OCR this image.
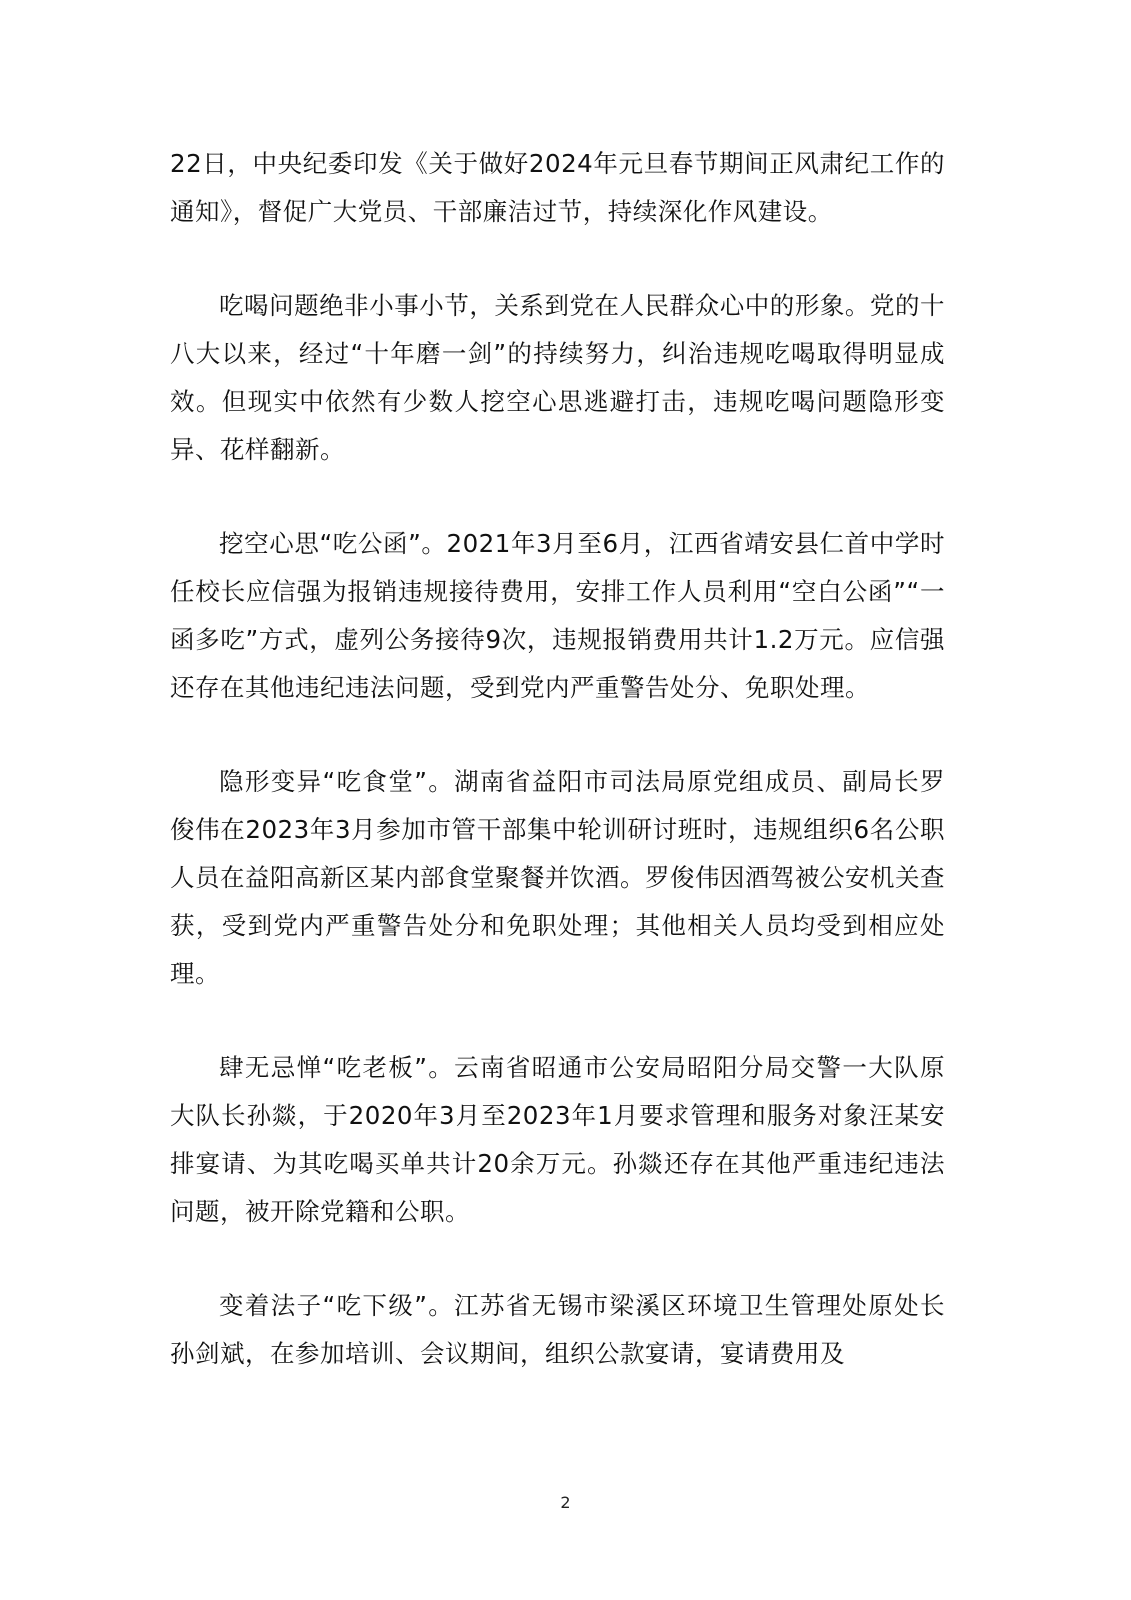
22日，中央纪委印发《关于做好2024年元旦春节期间正风肃纪工作的通知》，督促广大党员、干部廉洁过节，持续深化作风建设。

吃喝问题绝非小事小节，关系到党在人民群众心中的形象。党的十八大以来，经过“十年磨一剑”的持续努力，纠治违规吃喝取得明显成效。但现实中依然有少数人挖空心思逃避打击，违规吃喝问题隐形变异、花样翻新。

挖空心思“吃公函”。2021年3月至6月，江西省靖安县仁首中学时任校长应信强为报销违规接待费用，安排工作人员利用“空白公函”“一函多吃”方式，虚列公务接待9次，违规报销费用共计1.2万元。应信强还存在其他违纪违法问题，受到党内严重警告处分、免职处理。

隐形变异“吃食堂”。湖南省益阳市司法局原党组成员、副局长罗俊伟在2023年3月参加市管干部集中轮训研讨班时，违规组织6名公职人员在益阳高新区某内部食堂聚餐并饮酒。罗俊伟因酒驾被公安机关查获，受到党内严重警告处分和免职处理；其他相关人员均受到相应处理。

肆无忌惮“吃老板”。云南省昭通市公安局昭阳分局交警一大队原大队长孙燚，于2020年3月至2023年1月要求管理和服务对象汪某安排宴请、为其吃喝买单共计20余万元。孙燚还存在其他严重违纪违法问题，被开除党籍和公职。

变着法子“吃下级”。江苏省无锡市梁溪区环境卫生管理处原处长孙剑斌，在参加培训、会议期间，组织公款宴请，宴请费用及

2
